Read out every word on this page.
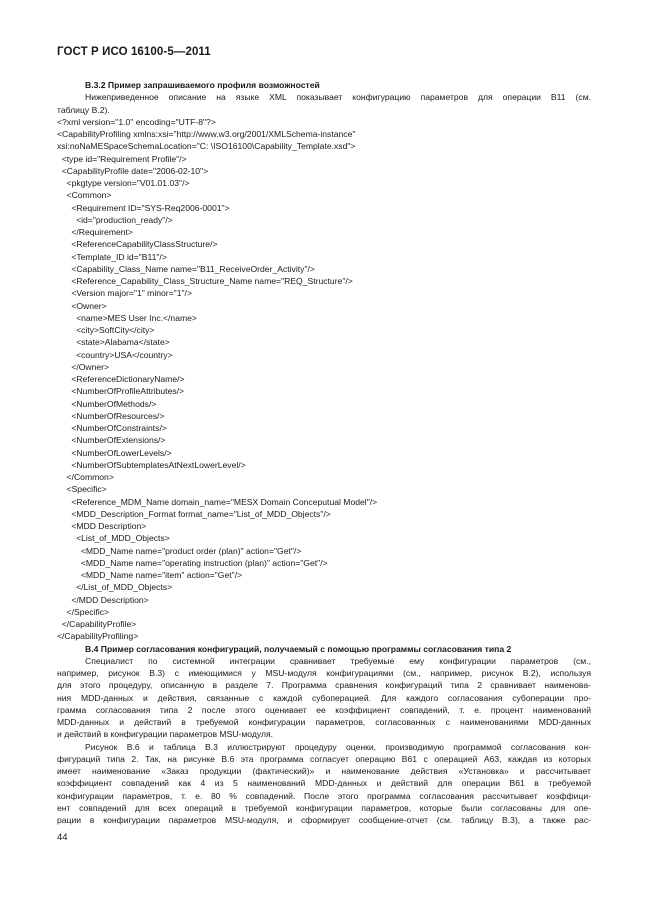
ГОСТ Р ИСО 16100-5—2011
B.3.2 Пример запрашиваемого профиля возможностей
Нижеприведенное описание на языке XML показывает конфигурацию параметров для операции B11 (см.
таблицу B.2).
<?xml version="1.0" encoding="UTF-8"?>
<CapabilityProfiling xmlns:xsi="http://www.w3.org/2001/XMLSchema-instance"
xsi:noNaMESpaceSchemaLocation="C: \ISO16100\Capability_Template.xsd">
<type id="Requirement Profile"/>
<CapabilityProfile date="2006-02-10">
<pkgtype version="V01.01.03"/>
<Common>
<Requirement ID="SYS-Req2006-0001">
<id="production_ready"/>
</Requirement>
<ReferenceCapabilityClassStructure/>
<Template_ID id="B11"/>
<Capability_Class_Name name="B11_ReceiveOrder_Activity"/>
<Reference_Capability_Class_Structure_Name name="REQ_Structure"/>
<Version major="1" minor="1"/>
<Owner>
<name>MES User Inc.</name>
<city>SoftCity</city>
<state>Alabama</state>
<country>USA</country>
</Owner>
<ReferenceDictionaryName/>
<NumberOfProfileAttributes/>
<NumberOfMethods/>
<NumberOfResources/>
<NumberOfConstraints/>
<NumberOfExtensions/>
<NumberOfLowerLevels/>
<NumberOfSubtemplatesAtNextLowerLevel/>
</Common>
<Specific>
<Reference_MDM_Name domain_name="MESX Domain Conceputual Model"/>
<MDD_Description_Format format_name="List_of_MDD_Objects"/>
<MDD Description>
<List_of_MDD_Objects>
<MDD_Name name="product order (plan)" action="Get"/>
<MDD_Name name="operating instruction (plan)" action="Get"/>
<MDD_Name name="item" action="Get"/>
</List_of_MDD_Objects>
</MDD Description>
</Specific>
</CapabilityProfile>
</CapabilityProfiling>
B.4 Пример согласования конфигураций, получаемый с помощью программы согласования типа 2
Специалист по системной интеграции сравнивает требуемые ему конфигурации параметров (см.,
например, рисунок B.3) с имеющимися у MSU-модуля конфигурациями (см., например, рисунок B.2), используя
для этого процедуру, описанную в разделе 7. Программа сравнения конфигураций типа 2 сравнивает наименова-
ния MDD-данных и действия, связанные с каждой субоперацией. Для каждого согласования субоперации про-
грамма согласования типа 2 после этого оценивает ее коэффициент совпадений, т. е. процент наименований
MDD-данных и действий в требуемой конфигурации параметров, согласованных с наименованиями MDD-данных
и действий в конфигурации параметров MSU-модуля.
Рисунок B.6 и таблица B.3 иллюстрируют процедуру оценки, производимую программой согласования кон-
фигураций типа 2. Так, на рисунке B.6 эта программа согласует операцию B61 с операцией A63, каждая из которых
имеет наименование «Заказ продукции (фактический)» и наименование действия «Установка» и рассчитывает
коэффициент совпадений как 4 из 5 наименований MDD-данных и действий для операции B61 в требуемой
конфигурации параметров, т. е. 80 % совпадений. После этого программа согласования рассчитывает коэффици-
ент совпадений для всех операций в требуемой конфигурации параметров, которые были согласованы для опе-
рации в конфигурации параметров MSU-модуля, и сформирует сообщение-отчет (см. таблицу B.3), а также рас-
44
